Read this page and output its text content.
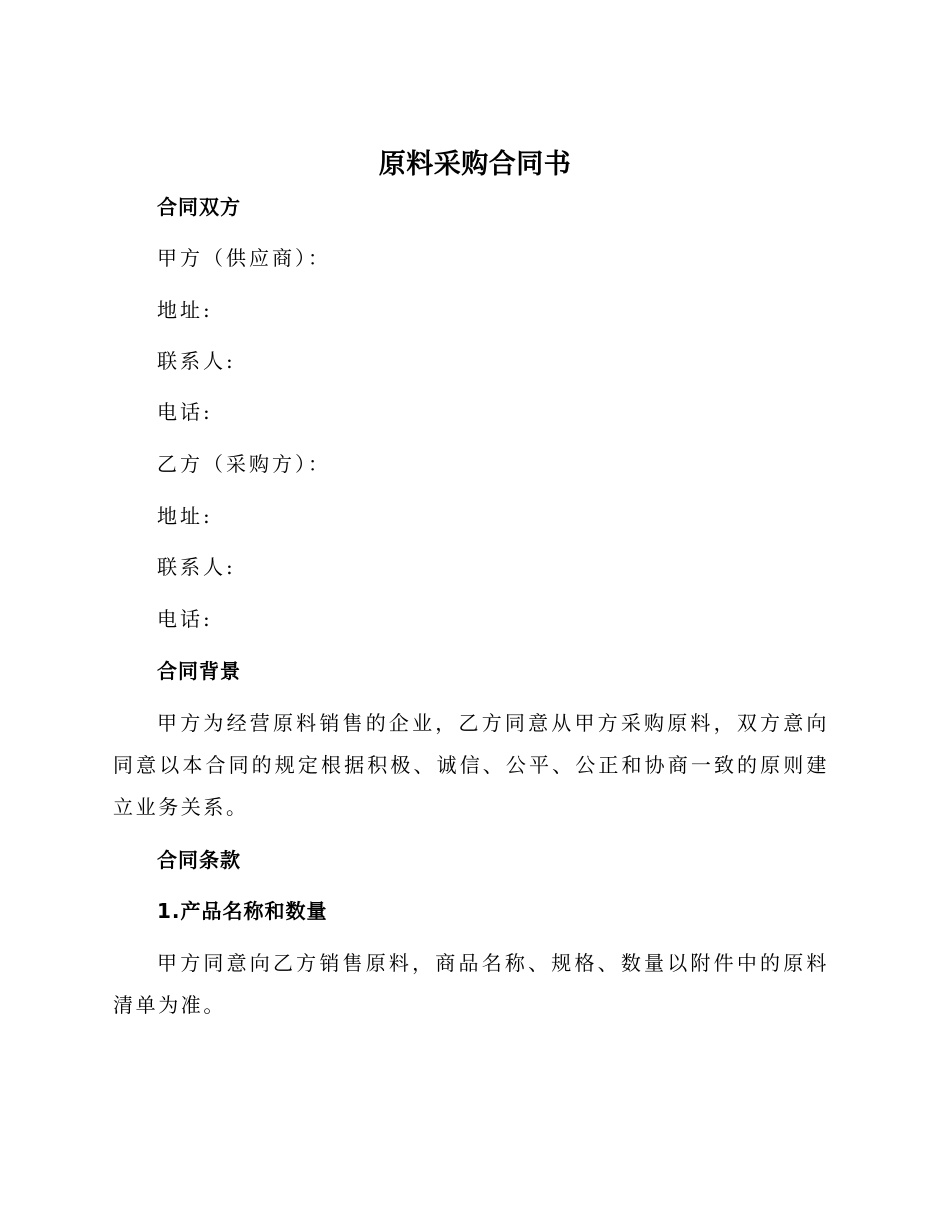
原料采购合同书
合同双方
甲方（供应商）：
地址:
联系人:
电话:
乙方（采购方）：
地址:
联系人:
电话:
合同背景
甲方为经营原料销售的企业，乙方同意从甲方采购原料，双方意向同意以本合同的规定根据积极、诚信、公平、公正和协商一致的原则建立业务关系。
合同条款
1.产品名称和数量
甲方同意向乙方销售原料，商品名称、规格、数量以附件中的原料清单为准。
